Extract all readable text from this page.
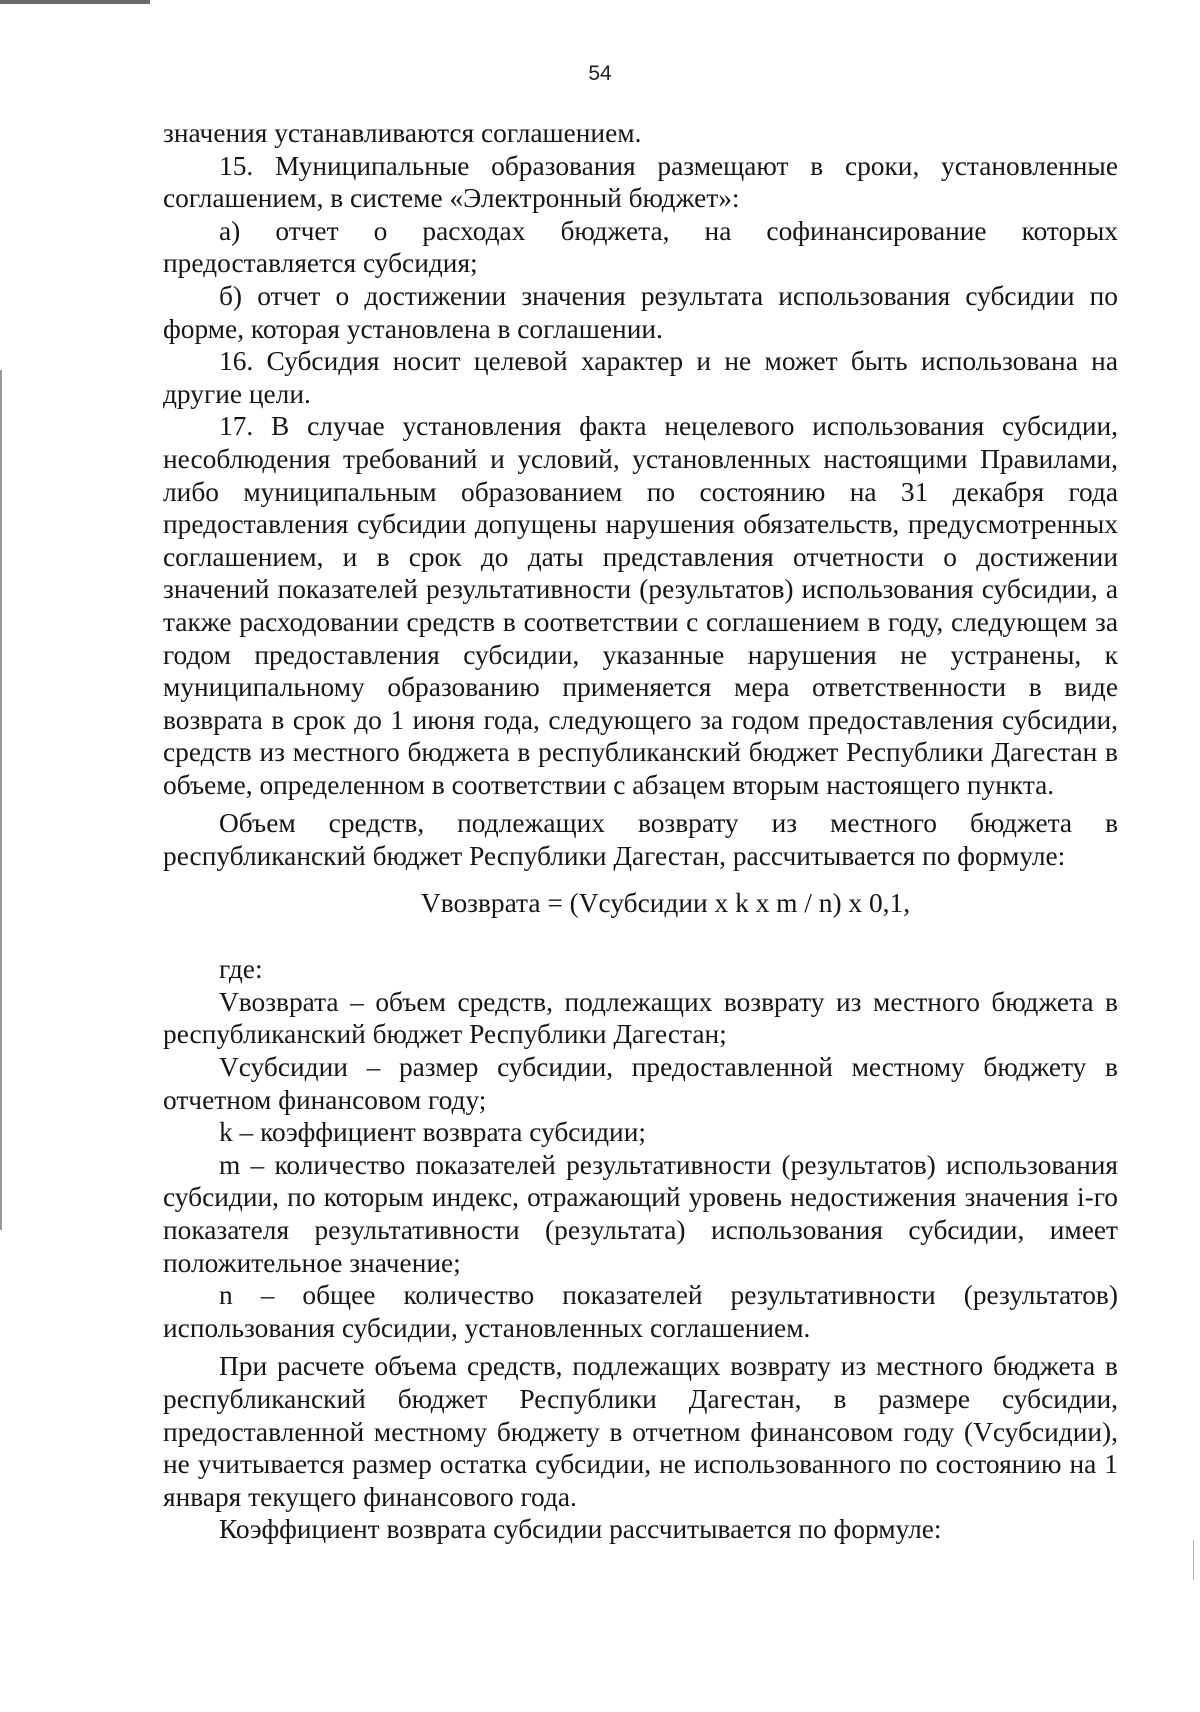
54

значения устанавливаются соглашением.

15. Муниципальные образования размещают в сроки, установленные соглашением, в системе «Электронный бюджет»:

а) отчет о расходах бюджета, на софинансирование которых предоставляется субсидия;

б) отчет о достижении значения результата использования субсидии по форме, которая установлена в соглашении.

16. Субсидия носит целевой характер и не может быть использована на другие цели.

17. В случае установления факта нецелевого использования субсидии, несоблюдения требований и условий, установленных настоящими Правилами, либо муниципальным образованием по состоянию на 31 декабря года предоставления субсидии допущены нарушения обязательств, предусмотренных соглашением, и в срок до даты представления отчетности о достижении значений показателей результативности (результатов) использования субсидии, а также расходовании средств в соответствии с соглашением в году, следующем за годом предоставления субсидии, указанные нарушения не устранены, к муниципальному образованию применяется мера ответственности в виде возврата в срок до 1 июня года, следующего за годом предоставления субсидии, средств из местного бюджета в республиканский бюджет Республики Дагестан в объеме, определенном в соответствии с абзацем вторым настоящего пункта.

Объем средств, подлежащих возврату из местного бюджета в республиканский бюджет Республики Дагестан, рассчитывается по формуле:

Vвозврата = (Vсубсидии x k x m / n) x 0,1,

где:

Vвозврата – объем средств, подлежащих возврату из местного бюджета в республиканский бюджет Республики Дагестан;

Vсубсидии – размер субсидии, предоставленной местному бюджету в отчетном финансовом году;

k – коэффициент возврата субсидии;

m – количество показателей результативности (результатов) использования субсидии, по которым индекс, отражающий уровень недостижения значения i-го показателя результативности (результата) использования субсидии, имеет положительное значение;

n – общее количество показателей результативности (результатов) использования субсидии, установленных соглашением.

При расчете объема средств, подлежащих возврату из местного бюджета в республиканский бюджет Республики Дагестан, в размере субсидии, предоставленной местному бюджету в отчетном финансовом году (Vсубсидии), не учитывается размер остатка субсидии, не использованного по состоянию на 1 января текущего финансового года.

Коэффициент возврата субсидии рассчитывается по формуле:
